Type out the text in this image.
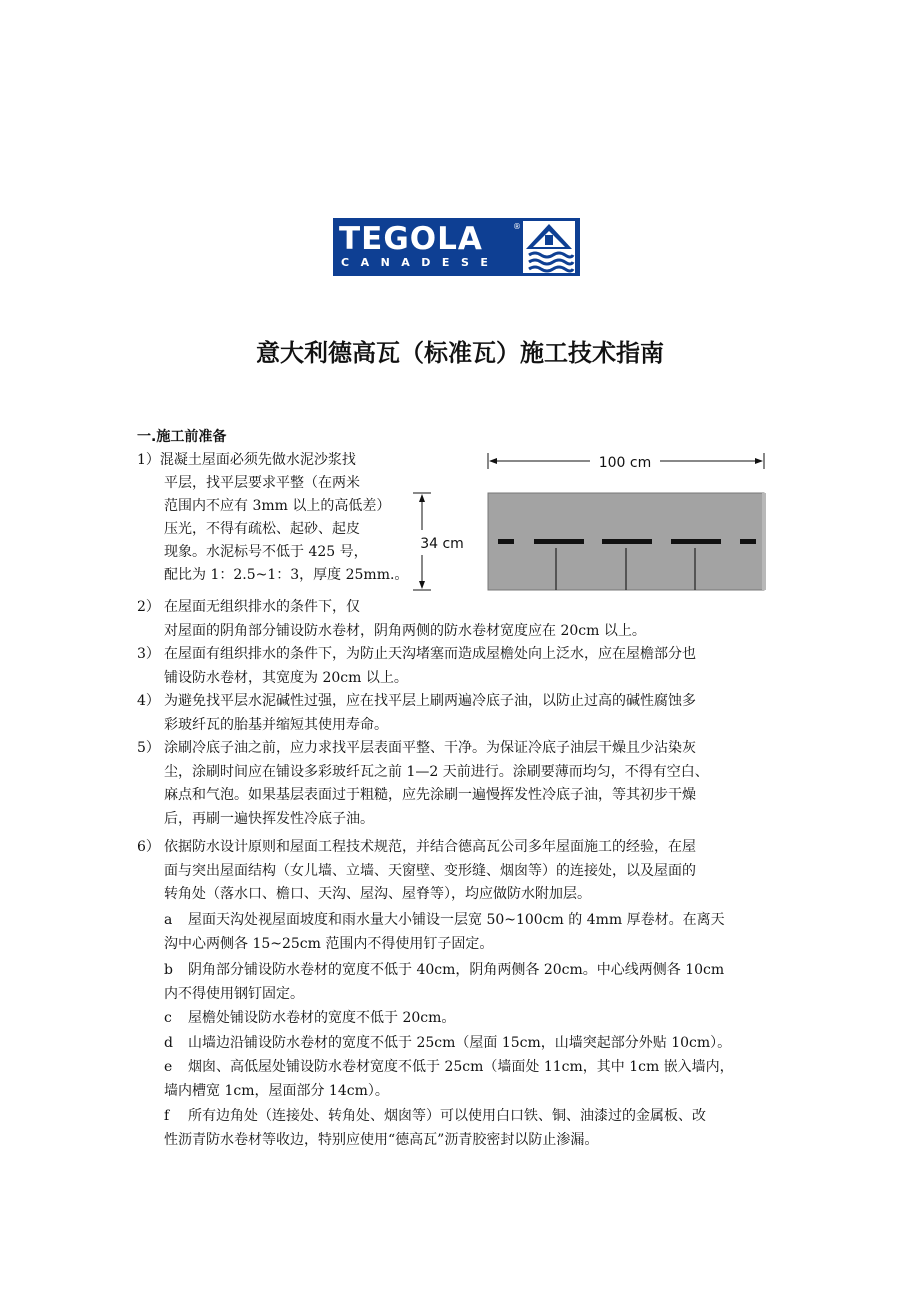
TEGOLA	®
CANADESE
意大利德高瓦（标准瓦）施工技术指南
一.施工前准备
1）混凝土屋面必须先做水泥沙浆找
平层，找平层要求平整（在两米
范围内不应有 3mm 以上的高低差）
压光，不得有疏松、起砂、起皮
现象。水泥标号不低于 425 号，
配比为 1：2.5~1：3，厚度 25mm.。
100 cm
34 cm
2） 在屋面无组织排水的条件下，仅
对屋面的阴角部分铺设防水卷材，阴角两侧的防水卷材宽度应在 20cm 以上。
3） 在屋面有组织排水的条件下，为防止天沟堵塞而造成屋檐处向上泛水，应在屋檐部分也
铺设防水卷材，其宽度为 20cm 以上。
4） 为避免找平层水泥碱性过强，应在找平层上刷两遍冷底子油，以防止过高的碱性腐蚀多
彩玻纤瓦的胎基并缩短其使用寿命。
5） 涂刷冷底子油之前，应力求找平层表面平整、干净。为保证冷底子油层干燥且少沾染灰
尘，涂刷时间应在铺设多彩玻纤瓦之前 1—2 天前进行。涂刷要薄而均匀，不得有空白、
麻点和气泡。如果基层表面过于粗糙，应先涂刷一遍慢挥发性冷底子油，等其初步干燥
后，再刷一遍快挥发性冷底子油。
6） 依据防水设计原则和屋面工程技术规范，并结合德高瓦公司多年屋面施工的经验，在屋
面与突出屋面结构（女儿墙、立墙、天窗壁、变形缝、烟囱等）的连接处，以及屋面的
转角处（落水口、檐口、天沟、屋沟、屋脊等），均应做防水附加层。
a 屋面天沟处视屋面坡度和雨水量大小铺设一层宽 50~100cm 的 4mm 厚卷材。在离天
沟中心两侧各 15~25cm 范围内不得使用钉子固定。
b 阴角部分铺设防水卷材的宽度不低于 40cm，阴角两侧各 20cm。中心线两侧各 10cm
内不得使用钢钉固定。
c 屋檐处铺设防水卷材的宽度不低于 20cm。
d 山墙边沿铺设防水卷材的宽度不低于 25cm（屋面 15cm，山墙突起部分外贴 10cm）。
e 烟囱、高低屋处铺设防水卷材宽度不低于 25cm（墙面处 11cm，其中 1cm 嵌入墙内，
墙内槽宽 1cm，屋面部分 14cm）。
f 所有边角处（连接处、转角处、烟囱等）可以使用白口铁、铜、油漆过的金属板、改
性沥青防水卷材等收边，特别应使用“德高瓦”沥青胶密封以防止渗漏。
